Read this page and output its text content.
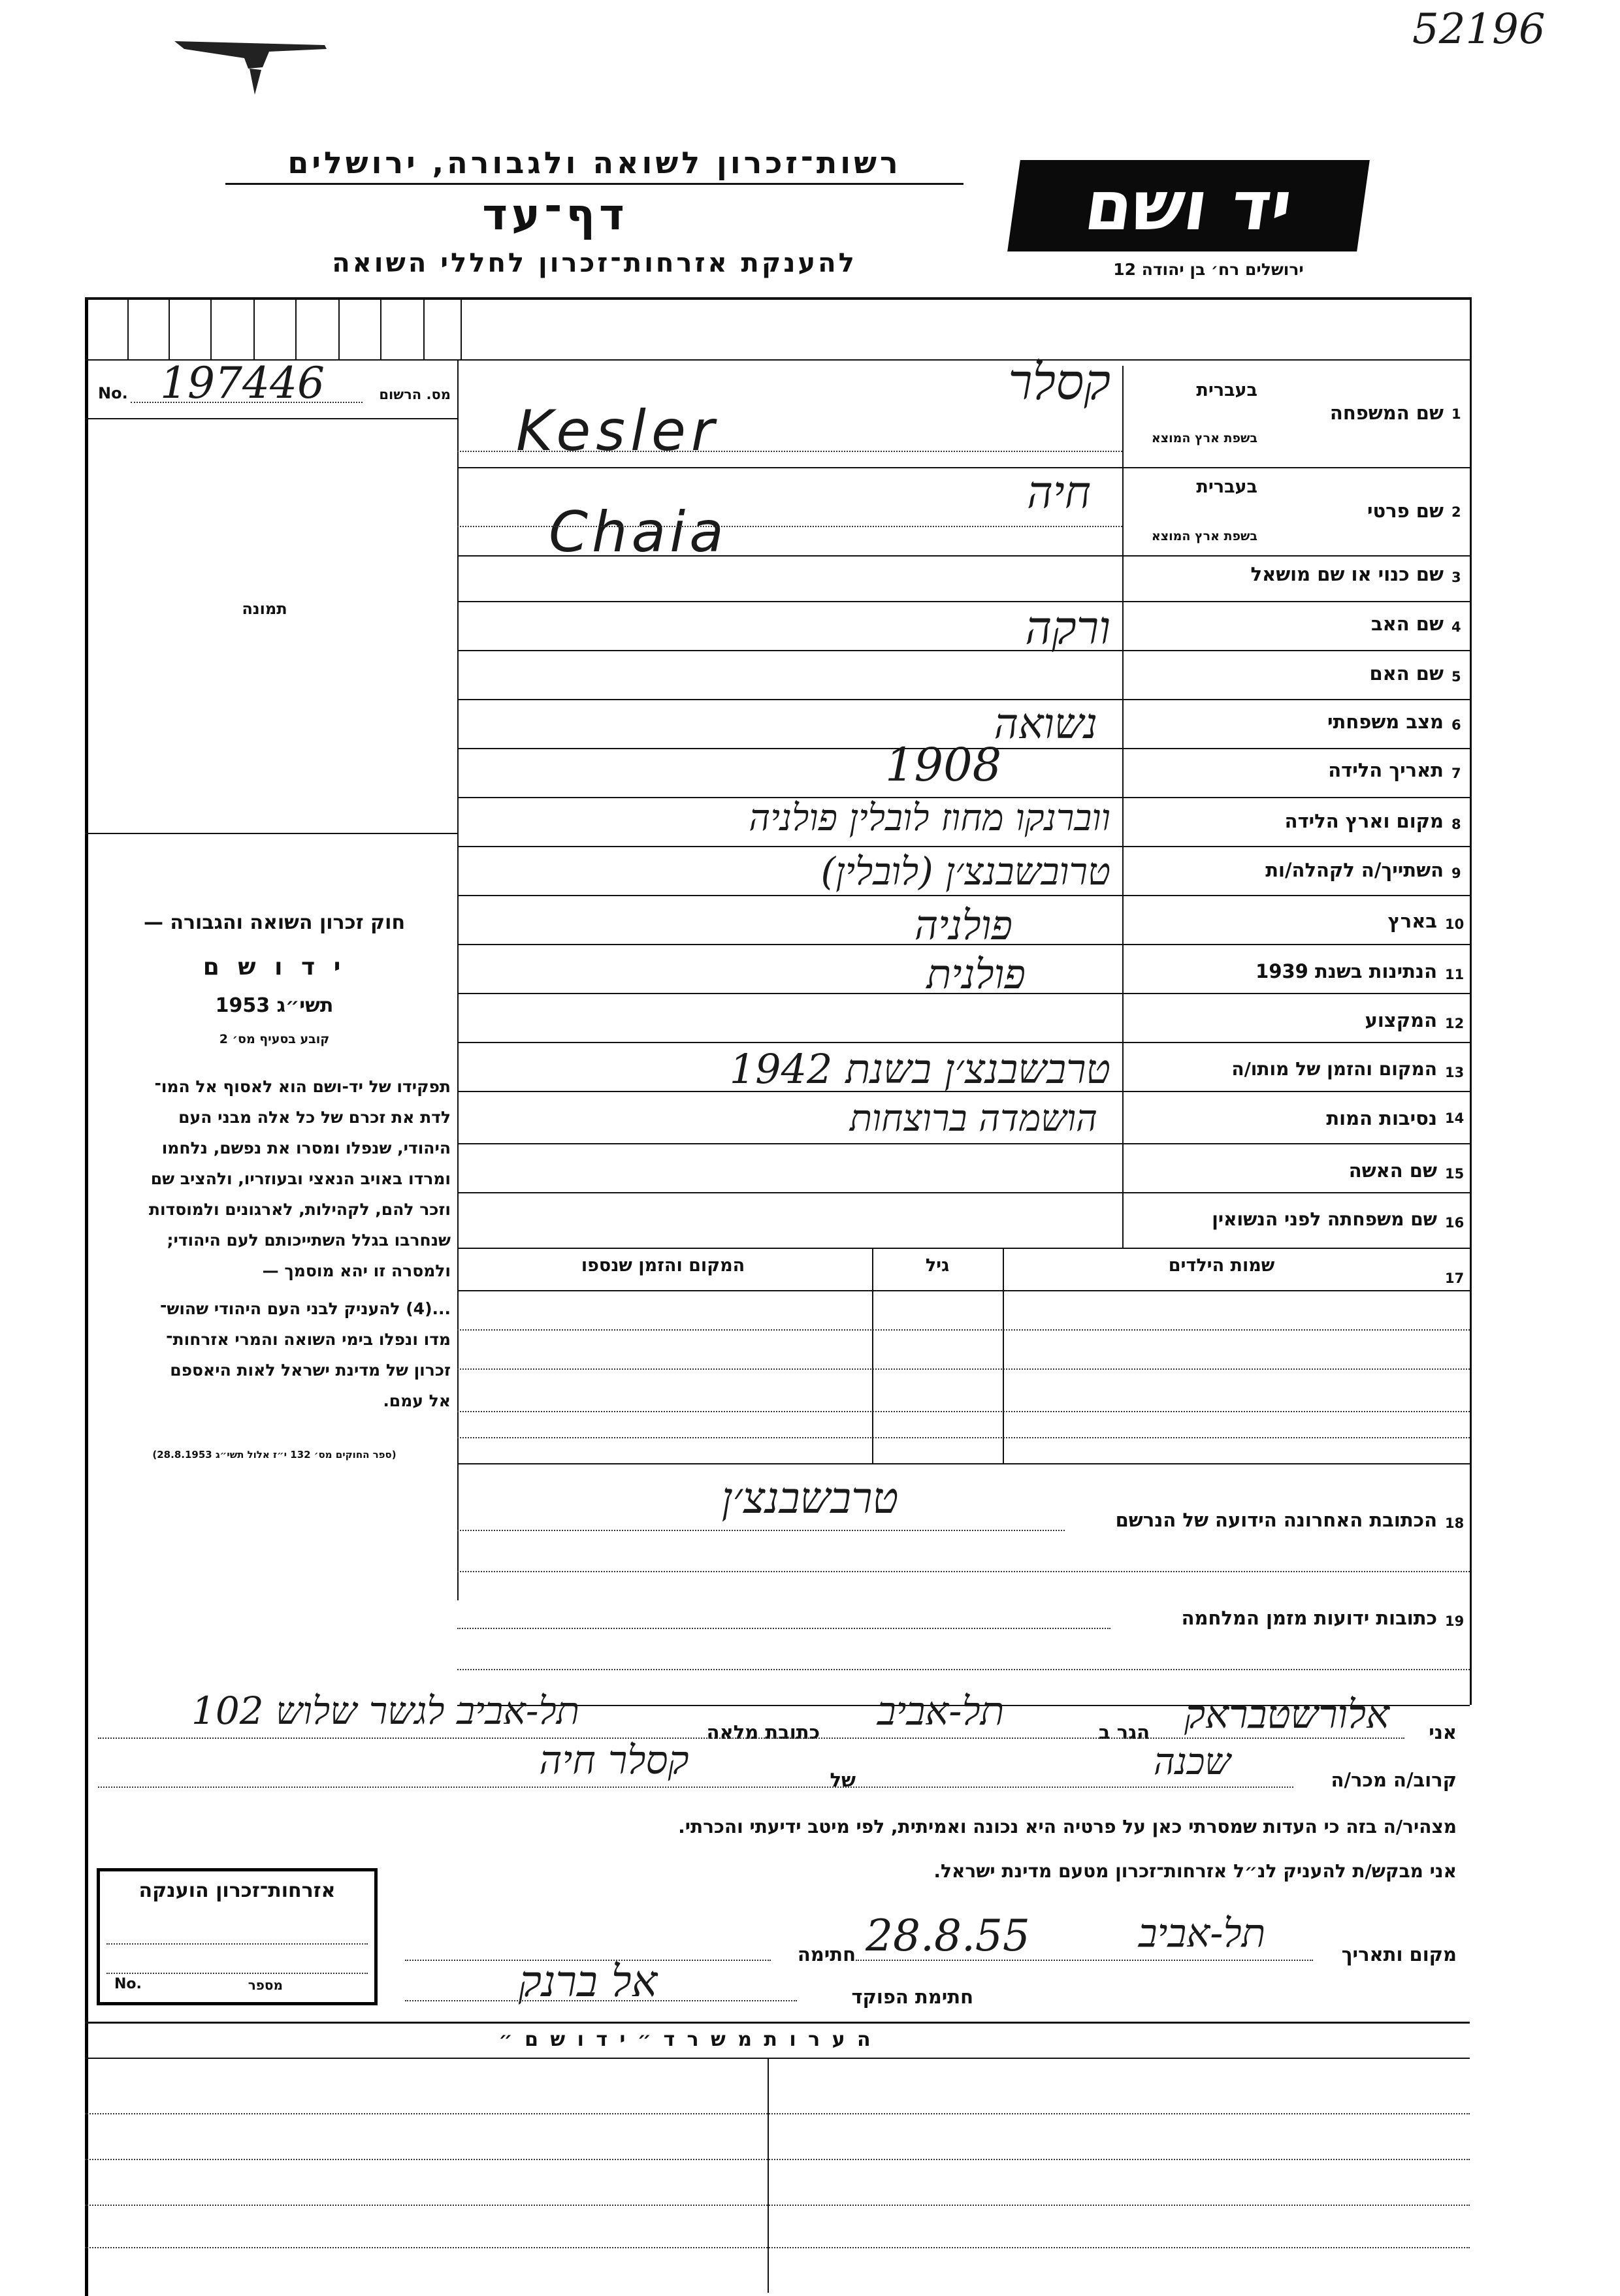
52196
רשות־זכרון לשואה ולגבורה, ירושלים
דף־עד
להענקת אזרחות־זכרון לחללי השואה
יד ושם
ירושלים רח׳ בן יהודה 12
No. 197446	מס. הרשום
תמונה
חוק זכרון השואה והגבורה —
י ד ו ש ם
תשי״ג 1953
קובע בסעיף מס׳ 2
תפקידו של יד-ושם הוא לאסוף אל המו־
לדת את זכרם של כל אלה מבני העם
היהודי, שנפלו ומסרו את נפשם, נלחמו
ומרדו באויב הנאצי ובעוזריו, ולהציב שם
וזכר להם, לקהילות, לארגונים ולמוסדות
שנחרבו בגלל השתייכותם לעם היהודי;
ולמסרה זו יהא מוסמך —
...(4) להעניק לבני העם היהודי שהוש־
מדו ונפלו בימי השואה והמרי אזרחות־
זכרון של מדינת ישראל לאות היאספם
אל עמם.
(ספר החוקים מס׳ 132 י״ז אלול תשי״ג 28.8.1953)
1
שם המשפחה
בעברית
בשפת ארץ המוצא
קסלר
Kesler
2
שם פרטי
בעברית
בשפת ארץ המוצא
חיה
Chaia
3
שם כנוי או שם מושאל
4
שם האב
ורקה
5
שם האם
6
מצב משפחתי
נשואה
7
תאריך הלידה
1908
8
מקום וארץ הלידה
ווברנקו מחוז לובלין פולניה
9
השתייך/ה לקהלה/ות
טרובשבנצ׳ן (לובלין)
10
בארץ
פולניה
11
הנתינות בשנת 1939
פולנית
12
המקצוע
13
המקום והזמן של מותו/ה
טרבשבנצ׳ן בשנת 1942
14
נסיבות המות
הושמדה ברוצחות
15
שם האשה
16
שם משפחתה לפני הנשואין
17
שמות הילדים
גיל
המקום והזמן שנספו
18
הכתובת האחרונה הידועה של הנרשם
טרבשבנצ׳ן
19
כתובות ידועות מזמן המלחמה
אני
אלורשטבראק
הגר ב
תל-אביב
כתובת מלאה
תל-אביב לגשר שלוש 102
קרוב/ה מכר/ה
שכנה
של
קסלר חיה
מצהיר/ה בזה כי העדות שמסרתי כאן על פרטיה היא נכונה ואמיתית, לפי מיטב ידיעתי והכרתי.
אני מבקש/ת להעניק לנ״ל אזרחות־זכרון מטעם מדינת ישראל.
אזרחות־זכרון הוענקה
No.	מספר
מקום ותאריך
תל-אביב
28.8.55
חתימה
חתימת הפוקד
אל ברנק
ה ע ר ו ת מ ש ר ד ״ י ד ו ש ם ״
